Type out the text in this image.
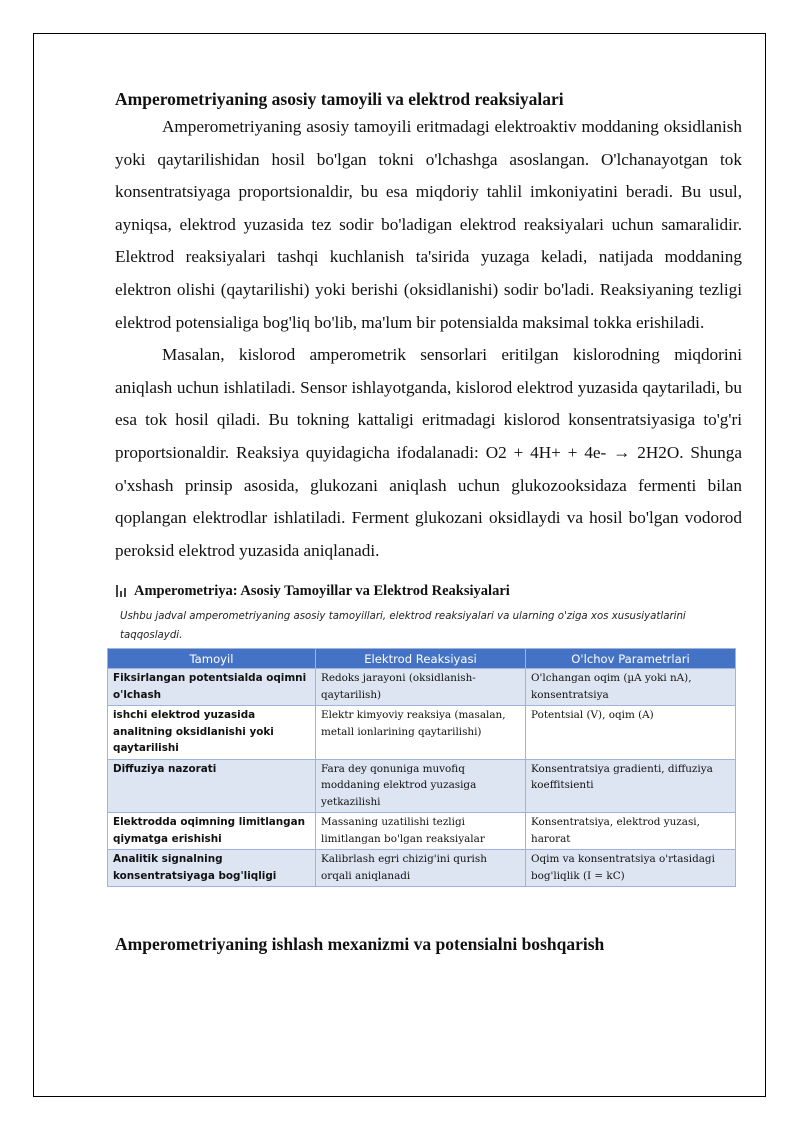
Amperometriyaning asosiy tamoyili va elektrod reaksiyalari

Amperometriyaning asosiy tamoyili eritmadagi elektroaktiv moddaning oksidlanish yoki qaytarilishidan hosil bo'lgan tokni o'lchashga asoslangan. O'lchanayotgan tok konsentratsiyaga proportsionaldir, bu esa miqdoriy tahlil imkoniyatini beradi. Bu usul, ayniqsa, elektrod yuzasida tez sodir bo'ladigan elektrod reaksiyalari uchun samaralidir. Elektrod reaksiyalari tashqi kuchlanish ta'sirida yuzaga keladi, natijada moddaning elektron olishi (qaytarilishi) yoki berishi (oksidlanishi) sodir bo'ladi. Reaksiyaning tezligi elektrod potensialiga bog'liq bo'lib, ma'lum bir potensialda maksimal tokka erishiladi.

Masalan, kislorod amperometrik sensorlari eritilgan kislorodning miqdorini aniqlash uchun ishlatiladi. Sensor ishlayotganda, kislorod elektrod yuzasida qaytariladi, bu esa tok hosil qiladi. Bu tokning kattaligi eritmadagi kislorod konsentratsiyasiga to'g'ri proportsionaldir. Reaksiya quyidagicha ifodalanadi: O2 + 4H+ + 4e- → 2H2O. Shunga o'xshash prinsip asosida, glukozani aniqlash uchun glukozooksidaza fermenti bilan qoplangan elektrodlar ishlatiladi. Ferment glukozani oksidlaydi va hosil bo'lgan vodorod peroksid elektrod yuzasida aniqlanadi.

Amperometriya: Asosiy Tamoyillar va Elektrod Reaksiyalari
Ushbu jadval amperometriyaning asosiy tamoyillari, elektrod reaksiyalari va ularning o'ziga xos xususiyatlarini taqqoslaydi.
Tamoyil	Elektrod Reaksiyasi	O'lchov Parametrlari
Fiksirlangan potentsialda oqimni o'lchash	Redoks jarayoni (oksidlanish-qaytarilish)	O'lchangan oqim (µA yoki nA), konsentratsiya
ishchi elektrod yuzasida analitning oksidlanishi yoki qaytarilishi	Elektr kimyoviy reaksiya (masalan, metall ionlarining qaytarilishi)	Potentsial (V), oqim (A)
Diffuziya nazorati	Fara dey qonuniga muvofiq moddaning elektrod yuzasiga yetkazilishi	Konsentratsiya gradienti, diffuziya koeffitsienti
Elektrodda oqimning limitlangan qiymatga erishishi	Massaning uzatilishi tezligi limitlangan bo'lgan reaksiyalar	Konsentratsiya, elektrod yuzasi, harorat
Analitik signalning konsentratsiyaga bog'liqligi	Kalibrlash egri chizig'ini qurish orqali aniqlanadi	Oqim va konsentratsiya o'rtasidagi bog'liqlik (I = kC)
Amperometriyaning ishlash mexanizmi va potensialni boshqarish
